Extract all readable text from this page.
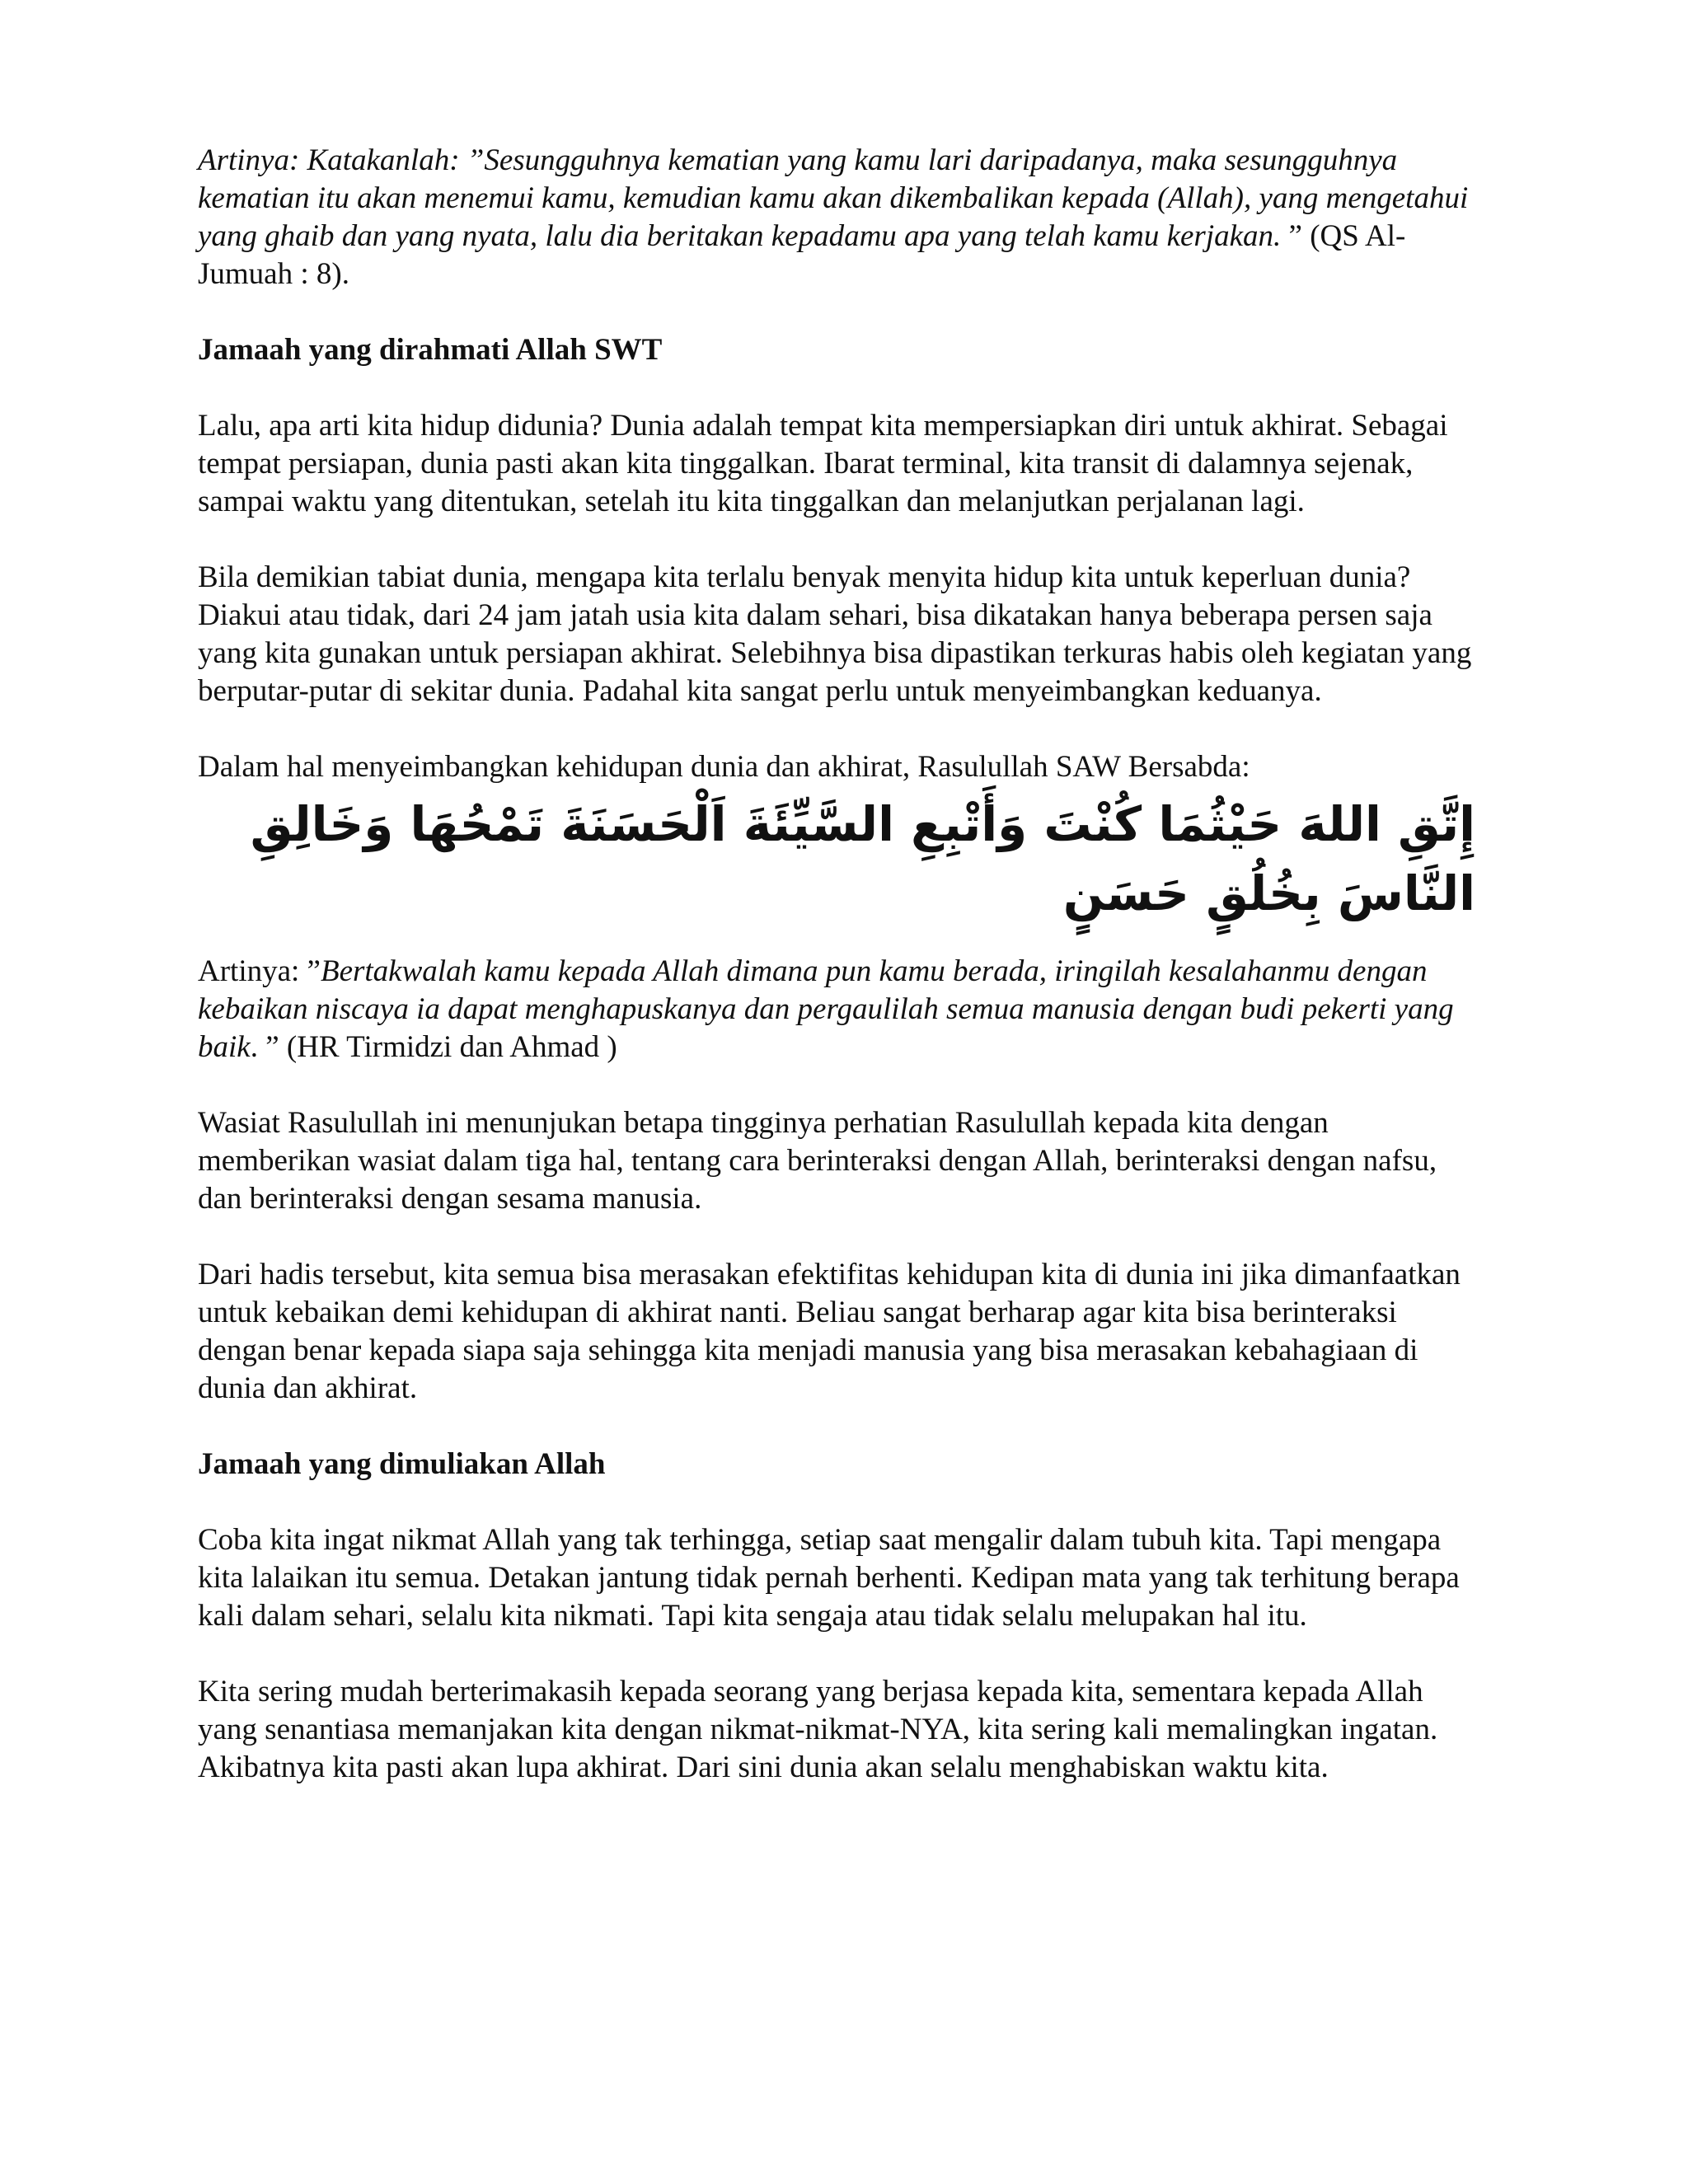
Artinya: Katakanlah: ”Sesungguhnya kematian yang kamu lari daripadanya, maka sesungguhnya kematian itu akan menemui kamu, kemudian kamu akan dikembalikan kepada (Allah), yang mengetahui yang ghaib dan yang nyata, lalu dia beritakan kepadamu apa yang telah kamu kerjakan. ” (QS Al-Jumuah : 8).

Jamaah yang dirahmati Allah SWT

Lalu, apa arti kita hidup didunia? Dunia adalah tempat kita mempersiapkan diri untuk akhirat. Sebagai tempat persiapan, dunia pasti akan kita tinggalkan. Ibarat terminal, kita transit di dalamnya sejenak, sampai waktu yang ditentukan, setelah itu kita tinggalkan dan melanjutkan perjalanan lagi.

Bila demikian tabiat dunia, mengapa kita terlalu benyak menyita hidup kita untuk keperluan dunia? Diakui atau tidak, dari 24 jam jatah usia kita dalam sehari, bisa dikatakan hanya beberapa persen saja yang kita gunakan untuk persiapan akhirat. Selebihnya bisa dipastikan terkuras habis oleh kegiatan yang berputar-putar di sekitar dunia. Padahal kita sangat perlu untuk menyeimbangkan keduanya.

Dalam hal menyeimbangkan kehidupan dunia dan akhirat, Rasulullah SAW Bersabda:

إِتَّقِ اللهَ حَيْثُمَا كُنْتَ وَأَتْبِعِ السَّيِّئَةَ اَلْحَسَنَةَ تَمْحُهَا وَخَالِقِ النَّاسَ بِخُلُقٍ حَسَنٍ

Artinya: ”Bertakwalah kamu kepada Allah dimana pun kamu berada, iringilah kesalahanmu dengan kebaikan niscaya ia dapat menghapuskanya dan pergaulilah semua manusia dengan budi pekerti yang baik. ” (HR Tirmidzi dan Ahmad )

Wasiat Rasulullah ini menunjukan betapa tingginya perhatian Rasulullah kepada kita dengan memberikan wasiat dalam tiga hal, tentang cara berinteraksi dengan Allah, berinteraksi dengan nafsu, dan berinteraksi dengan sesama manusia.

Dari hadis tersebut, kita semua bisa merasakan efektifitas kehidupan kita di dunia ini jika dimanfaatkan untuk kebaikan demi kehidupan di akhirat nanti. Beliau sangat berharap agar kita bisa berinteraksi dengan benar kepada siapa saja sehingga kita menjadi manusia yang bisa merasakan kebahagiaan di dunia dan akhirat.

Jamaah yang dimuliakan Allah

Coba kita ingat nikmat Allah yang tak terhingga, setiap saat mengalir dalam tubuh kita. Tapi mengapa kita lalaikan itu semua. Detakan jantung tidak pernah berhenti. Kedipan mata yang tak terhitung berapa kali dalam sehari, selalu kita nikmati. Tapi kita sengaja atau tidak selalu melupakan hal itu.

Kita sering mudah berterimakasih kepada seorang yang berjasa kepada kita, sementara kepada Allah yang senantiasa memanjakan kita dengan nikmat-nikmat-NYA, kita sering kali memalingkan ingatan. Akibatnya kita pasti akan lupa akhirat. Dari sini dunia akan selalu menghabiskan waktu kita.
